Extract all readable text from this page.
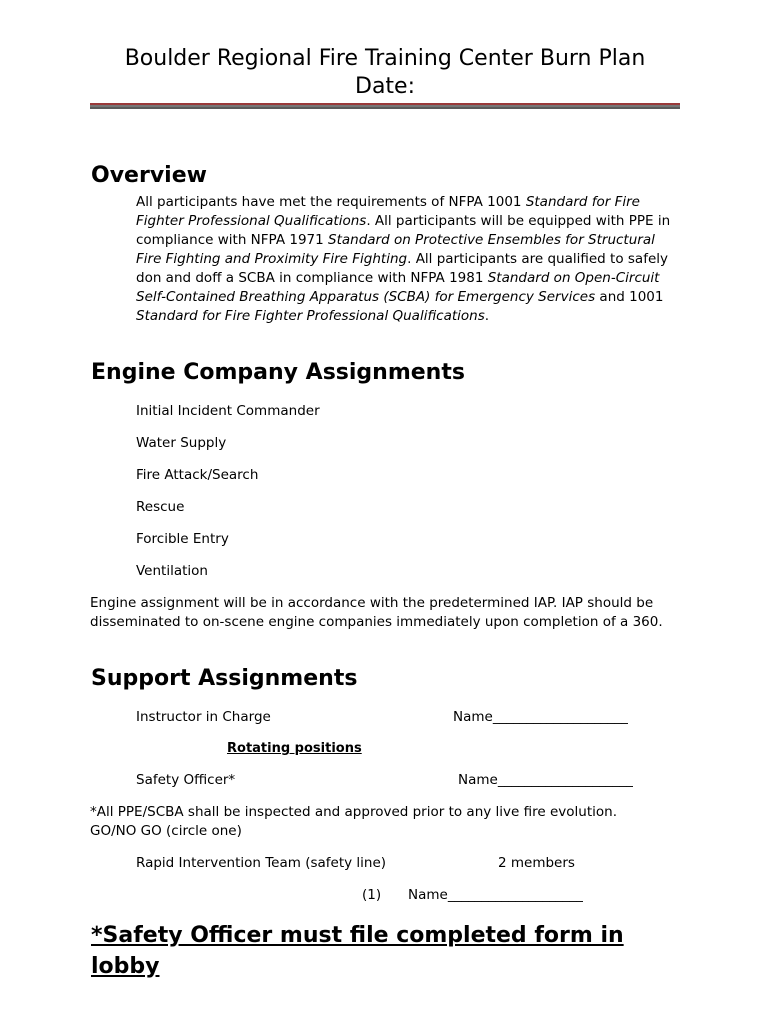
Boulder Regional Fire Training Center Burn Plan
Date:
Overview
All participants have met the requirements of NFPA 1001 Standard for Fire Fighter Professional Qualifications. All participants will be equipped with PPE in compliance with NFPA 1971 Standard on Protective Ensembles for Structural Fire Fighting and Proximity Fire Fighting. All participants are qualified to safely don and doff a SCBA in compliance with NFPA 1981 Standard on Open-Circuit Self-Contained Breathing Apparatus (SCBA) for Emergency Services and 1001 Standard for Fire Fighter Professional Qualifications.
Engine Company Assignments
Initial Incident Commander
Water Supply
Fire Attack/Search
Rescue
Forcible Entry
Ventilation
Engine assignment will be in accordance with the predetermined IAP. IAP should be disseminated to on-scene engine companies immediately upon completion of a 360.
Support Assignments
Instructor in Charge	Name____________________
Rotating positions
Safety Officer*	Name____________________
*All PPE/SCBA shall be inspected and approved prior to any live fire evolution.
GO/NO GO (circle one)
Rapid Intervention Team (safety line)	2 members
(1) Name____________________
*Safety Officer must file completed form in lobby
